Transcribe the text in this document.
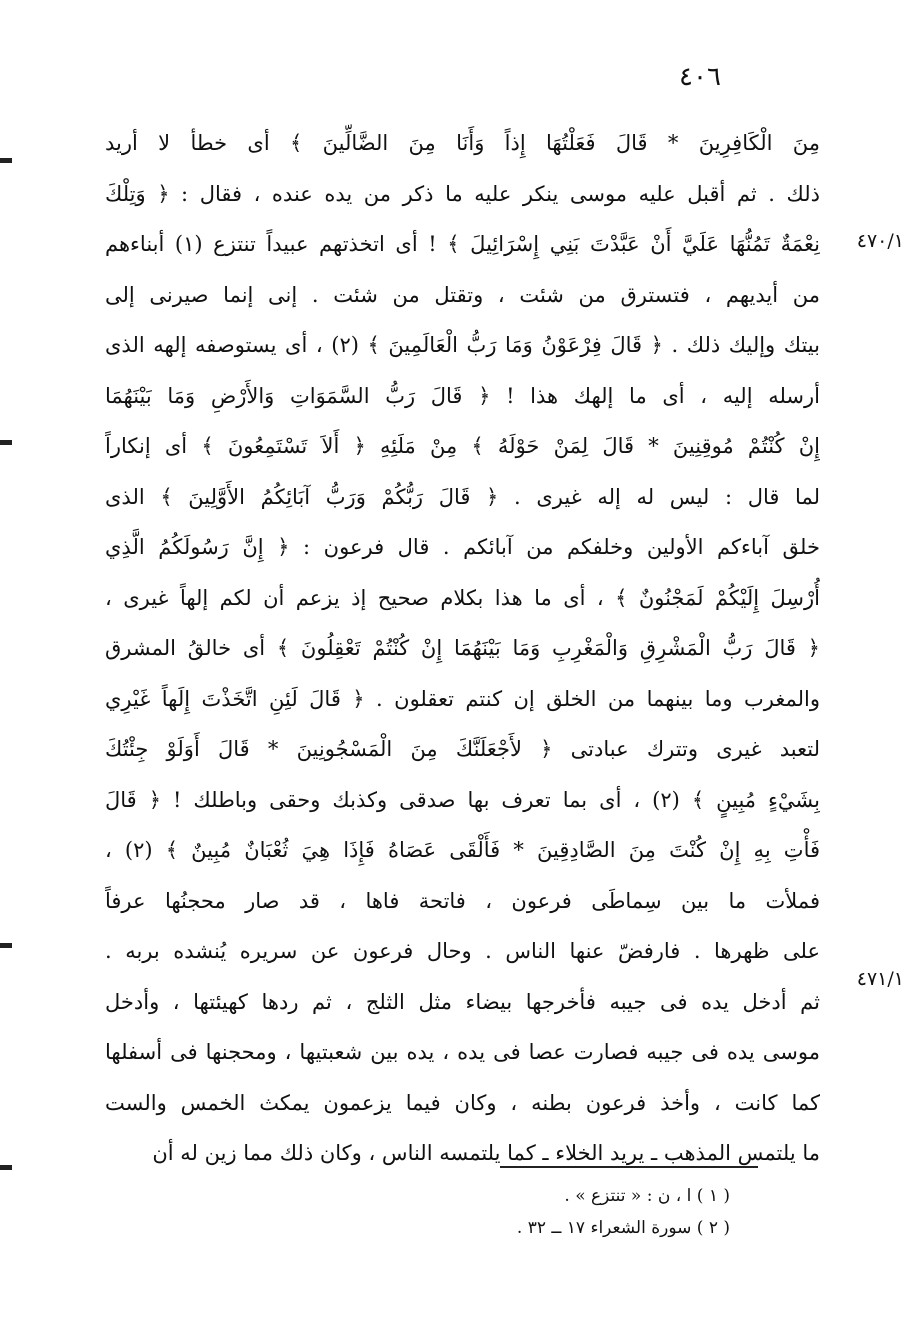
٤٠٦
٤٧٠/١
٤٧١/١
مِنَ الْكَافِرِينَ * قَالَ فَعَلْتُهَا إِذاً وَأَنَا مِنَ الضَّالِّينَ ﴾ أى خطأ لا أريد
ذلك . ثم أقبل عليه موسى ينكر عليه ما ذكر من يده عنده ، فقال : ﴿ وَتِلْكَ
نِعْمَةٌ تَمُنُّهَا عَلَيَّ أَنْ عَبَّدْتَ بَنِي إِسْرَائِيلَ ﴾ ! أى اتخذتهم عبيداً تنتزع (١) أبناءهم
من أيديهم ، فتسترق من شئت ، وتقتل من شئت . إنى إنما صيرنى إلى
بيتك وإليك ذلك . ﴿ قَالَ فِرْعَوْنُ وَمَا رَبُّ الْعَالَمِينَ ﴾ (٢) ، أى يستوصفه إلهه الذى
أرسله إليه ، أى ما إلهك هذا ! ﴿ قَالَ رَبُّ السَّمَوَاتِ وَالأَرْضِ وَمَا بَيْنَهُمَا
إِنْ كُنْتُمْ مُوقِنِينَ * قَالَ لِمَنْ حَوْلَهُ ﴾ مِنْ مَلَئِهِ ﴿ أَلاَ تَسْتَمِعُونَ ﴾ أى إنكاراً
لما قال : ليس له إله غيرى . ﴿ قَالَ رَبُّكُمْ وَرَبُّ آبَائِكُمُ الأَوَّلِينَ ﴾ الذى
خلق آباءكم الأولين وخلفكم من آبائكم . قال فرعون : ﴿ إِنَّ رَسُولَكُمُ الَّذِي
أُرْسِلَ إِلَيْكُمْ لَمَجْنُونٌ ﴾ ، أى ما هذا بكلام صحيح إذ يزعم أن لكم إلهاً غيرى ،
﴿ قَالَ رَبُّ الْمَشْرِقِ وَالْمَغْرِبِ وَمَا بَيْنَهُمَا إِنْ كُنْتُمْ تَعْقِلُونَ ﴾ أى خالقُ المشرق
والمغرب وما بينهما من الخلق إن كنتم تعقلون . ﴿ قَالَ لَئِنِ اتَّخَذْتَ إِلَهاً غَيْرِي
لتعبد غيرى وتترك عبادتى ﴿ لأَجْعَلَنَّكَ مِنَ الْمَسْجُونِينَ * قَالَ أَوَلَوْ جِئْتُكَ
بِشَيْءٍ مُبِينٍ ﴾ (٢) ، أى بما تعرف بها صدقى وكذبك وحقى وباطلك ! ﴿ قَالَ
فَأْتِ بِهِ إِنْ كُنْتَ مِنَ الصَّادِقِينَ * فَأَلْقَى عَصَاهُ فَإِذَا هِيَ ثُعْبَانٌ مُبِينٌ ﴾ (٢) ،
فملأت ما بين سِماطَى فرعون ، فاتحة فاها ، قد صار محجنُها عرفاً
على ظهرها . فارفضّ عنها الناس . وحال فرعون عن سريره يُنشده بربه .
ثم أدخل يده فى جيبه فأخرجها بيضاء مثل الثلج ، ثم ردها كهيئتها ، وأدخل
موسى يده فى جيبه فصارت عصا فى يده ، يده بين شعبتيها ، ومحجنها فى أسفلها
كما كانت ، وأخذ فرعون بطنه ، وكان فيما يزعمون يمكث الخمس والست
ما يلتمس المذهب ـ يريد الخلاء ـ كما يلتمسه الناس ، وكان ذلك مما زين له أن
( ١ ) ا ، ن : « تنتزع » .
( ٢ ) سورة الشعراء ١٧ ــ ٣٢ .
